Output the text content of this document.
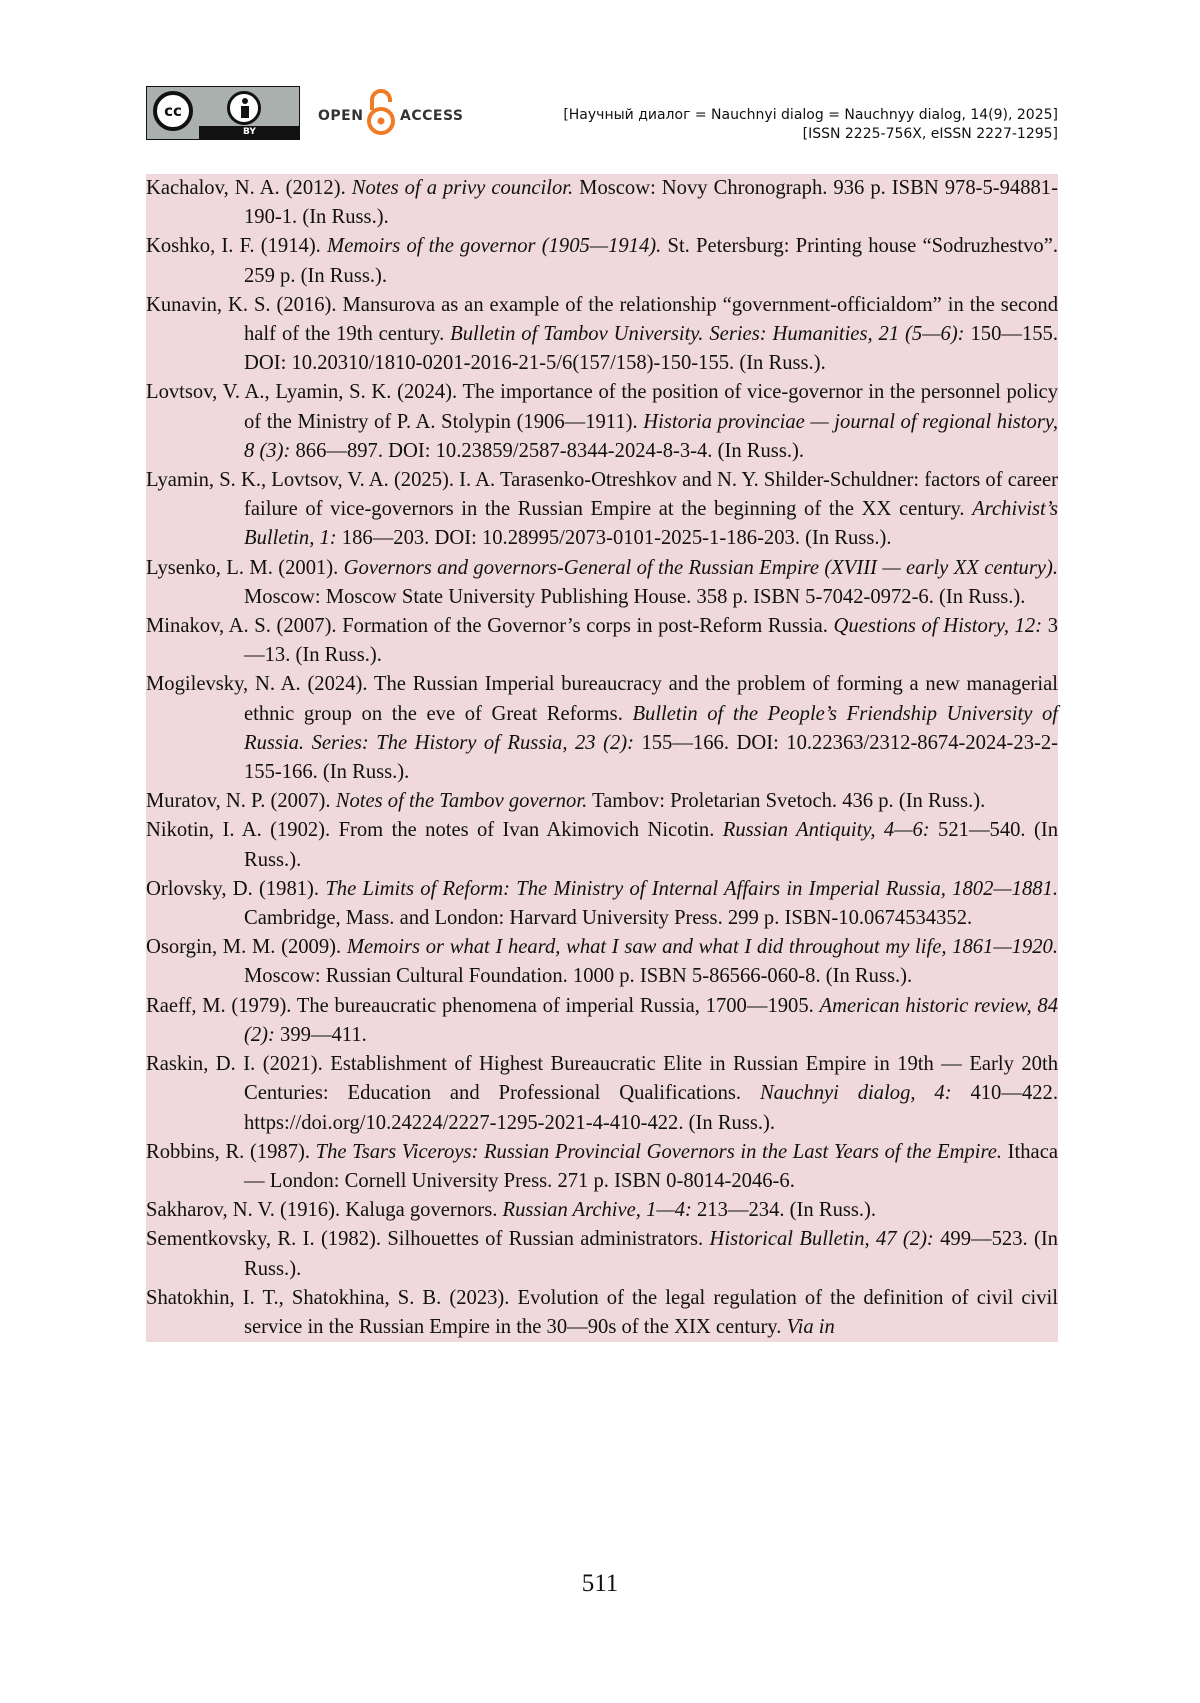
cc
BY
OPEN	ACCESS	[Научный диалог = Nauchnyi dialog = Nauchnyy dialog, 14(9), 2025]
[ISSN 2225-756X, eISSN 2227-1295]
Kachalov, N. A. (2012). Notes of a privy councilor. Moscow: Novy Chronograph. 936 p. ISBN 978-5-94881-190-1. (In Russ.).
Koshko, I. F. (1914). Memoirs of the governor (1905—1914). St. Petersburg: Printing house “Sodruzhestvo”. 259 p. (In Russ.).
Kunavin, K. S. (2016). Mansurova as an example of the relationship “government-officialdom” in the second half of the 19th century. Bulletin of Tambov University. Series: Humanities, 21 (5—6): 150—155. DOI: 10.20310/1810-0201-2016-21-5/6(157/158)-150-155. (In Russ.).
Lovtsov, V. A., Lyamin, S. K. (2024). The importance of the position of vice-governor in the personnel policy of the Ministry of P. A. Stolypin (1906—1911). Historia provinciae — journal of regional history, 8 (3): 866—897. DOI: 10.23859/2587-8344-2024-8-3-4. (In Russ.).
Lyamin, S. K., Lovtsov, V. A. (2025). I. A. Tarasenko-Otreshkov and N. Y. Shilder-Schuldner: factors of career failure of vice-governors in the Russian Empire at the beginning of the XX century. Archivist’s Bulletin, 1: 186—203. DOI: 10.28995/2073-0101-2025-1-186-203. (In Russ.).
Lysenko, L. M. (2001). Governors and governors-General of the Russian Empire (XVIII — early XX century). Moscow: Moscow State University Publishing House. 358 p. ISBN 5-7042-0972-6. (In Russ.).
Minakov, A. S. (2007). Formation of the Governor’s corps in post-Reform Russia. Questions of History, 12: 3—13. (In Russ.).
Mogilevsky, N. A. (2024). The Russian Imperial bureaucracy and the problem of forming a new managerial ethnic group on the eve of Great Reforms. Bulletin of the People’s Friendship University of Russia. Series: The History of Russia, 23 (2): 155—166. DOI: 10.22363/2312-8674-2024-23-2-155-166. (In Russ.).
Muratov, N. P. (2007). Notes of the Tambov governor. Tambov: Proletarian Svetoch. 436 p. (In Russ.).
Nikotin, I. A. (1902). From the notes of Ivan Akimovich Nicotin. Russian Antiquity, 4—6: 521—540. (In Russ.).
Orlovsky, D. (1981). The Limits of Reform: The Ministry of Internal Affairs in Imperial Russia, 1802—1881. Cambridge, Mass. and London: Harvard University Press. 299 p. ISBN-10.0674534352.
Osorgin, M. M. (2009). Memoirs or what I heard, what I saw and what I did throughout my life, 1861—1920. Moscow: Russian Cultural Foundation. 1000 p. ISBN 5-86566-060-8. (In Russ.).
Raeff, M. (1979). The bureaucratic phenomena of imperial Russia, 1700—1905. American historic review, 84 (2): 399—411.
Raskin, D. I. (2021). Establishment of Highest Bureaucratic Elite in Russian Empire in 19th — Early 20th Centuries: Education and Professional Qualifications. Nauchnyi dialog, 4: 410—422. https://doi.org/10.24224/2227-1295-2021-4-410-422. (In Russ.).
Robbins, R. (1987). The Tsars Viceroys: Russian Provincial Governors in the Last Years of the Empire. Ithaca — London: Cornell University Press. 271 p. ISBN 0-8014-2046-6.
Sakharov, N. V. (1916). Kaluga governors. Russian Archive, 1—4: 213—234. (In Russ.).
Sementkovsky, R. I. (1982). Silhouettes of Russian administrators. Historical Bulletin, 47 (2): 499—523. (In Russ.).
Shatokhin, I. T., Shatokhina, S. B. (2023). Evolution of the legal regulation of the definition of civil civil service in the Russian Empire in the 30—90s of the XIX century. Via in
511
